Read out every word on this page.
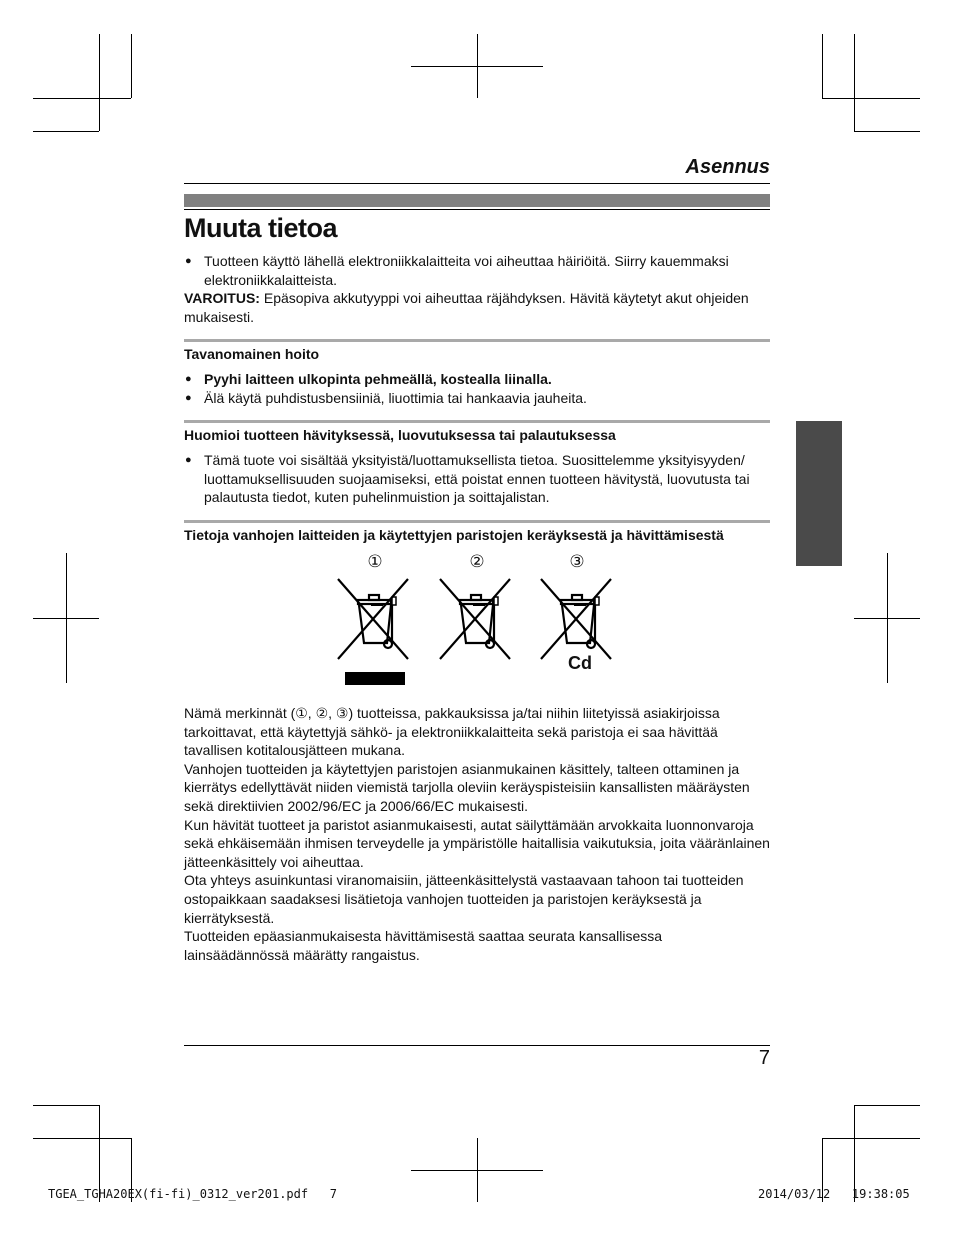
Asennus
Muuta tietoa
● Tuotteen käyttö lähellä elektroniikkalaitteita voi aiheuttaa häiriöitä. Siirry kauemmaksi elektroniikkalaitteista.
VAROITUS: Epäsopiva akkutyyppi voi aiheuttaa räjähdyksen. Hävitä käytetyt akut ohjeiden mukaisesti.
Tavanomainen hoito
● Pyyhi laitteen ulkopinta pehmeällä, kostealla liinalla.
● Älä käytä puhdistusbensiiniä, liuottimia tai hankaavia jauheita.
Huomioi tuotteen hävityksessä, luovutuksessa tai palautuksessa
● Tämä tuote voi sisältää yksityistä/luottamuksellista tietoa. Suosittelemme yksityisyyden/ luottamuksellisuuden suojaamiseksi, että poistat ennen tuotteen hävitystä, luovutusta tai palautusta tiedot, kuten puhelinmuistion ja soittajalistan.
Tietoja vanhojen laitteiden ja käytettyjen paristojen keräyksestä ja hävittämisestä
①	②	③
Cd
Nämä merkinnät (①, ②, ③) tuotteissa, pakkauksissa ja/tai niihin liitetyissä asiakirjoissa tarkoittavat, että käytettyjä sähkö- ja elektroniikkalaitteita sekä paristoja ei saa hävittää tavallisen kotitalousjätteen mukana.
Vanhojen tuotteiden ja käytettyjen paristojen asianmukainen käsittely, talteen ottaminen ja kierrätys edellyttävät niiden viemistä tarjolla oleviin keräyspisteisiin kansallisten määräysten sekä direktiivien 2002/96/EC ja 2006/66/EC mukaisesti.
Kun hävität tuotteet ja paristot asianmukaisesti, autat säilyttämään arvokkaita luonnonvaroja sekä ehkäisemään ihmisen terveydelle ja ympäristölle haitallisia vaikutuksia, joita vääränlainen jätteenkäsittely voi aiheuttaa.
Ota yhteys asuinkuntasi viranomaisiin, jätteenkäsittelystä vastaavaan tahoon tai tuotteiden ostopaikkaan saadaksesi lisätietoja vanhojen tuotteiden ja paristojen keräyksestä ja kierrätyksestä.
Tuotteiden epäasianmukaisesta hävittämisestä saattaa seurata kansallisessa lainsäädännössä määrätty rangaistus.
7
TGEA_TGHA20EX(fi-fi)_0312_ver201.pdf   7	2014/03/12   19:38:05
